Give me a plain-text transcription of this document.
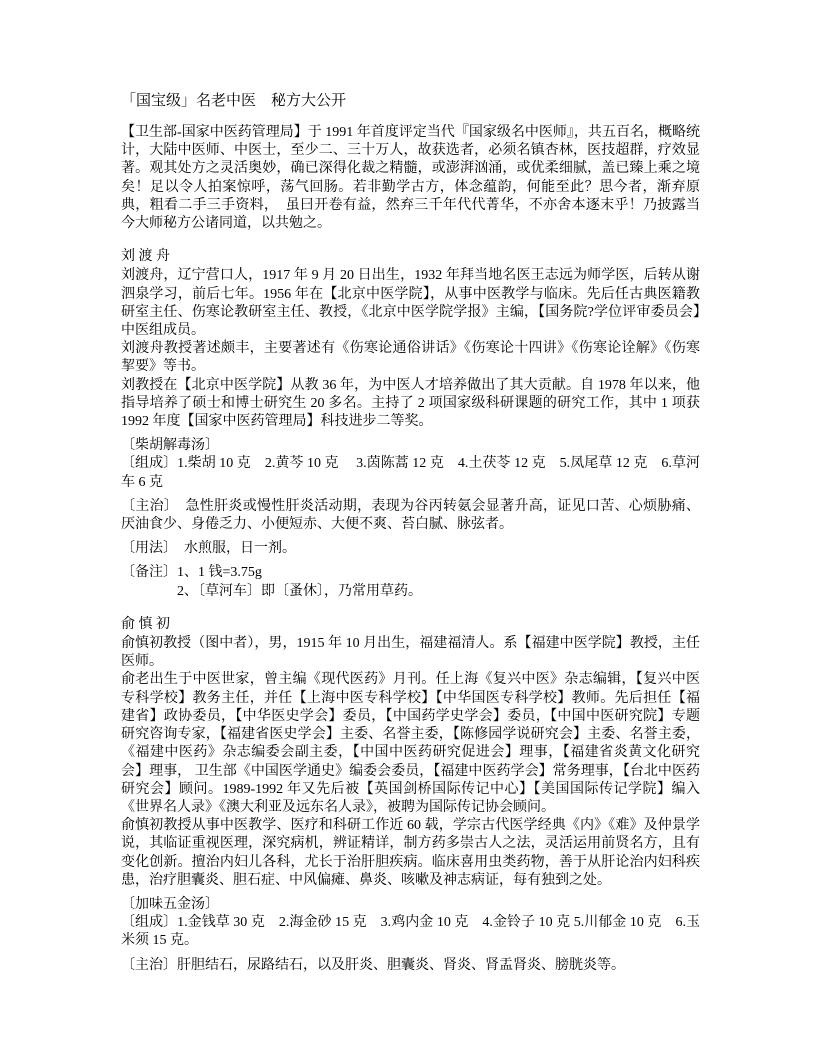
「国宝级」名老中医　秘方大公开

【卫生部-国家中医药管理局】于 1991 年首度评定当代『国家级名中医师』，共五百名，概略统计，大陆中医师、中医士，至少二、三十万人，故获选者，必须名镇杏林，医技超群，疗效显著。观其处方之灵活奥妙，确已深得化裁之精髓，或澎湃汹涌，或优柔细腻，盖已臻上乘之境矣！足以令人拍案惊呼，荡气回肠。若非勤学古方，体念蕴韵，何能至此？思今者，渐弃原典，粗看二手三手资料，　虽曰开卷有益，然弃三千年代代菁华，不亦舍本逐末乎！乃披露当今大师秘方公诸同道，以共勉之。

刘 渡 舟

刘渡舟，辽宁营口人，1917 年 9 月 20 日出生，1932 年拜当地名医王志远为师学医，后转从谢泗泉学习，前后七年。1956 年在【北京中医学院】，从事中医教学与临床。先后任古典医籍教研室主任、伤寒论教研室主任、教授，《北京中医学院学报》主编，【国务院?学位评审委员会】中医组成员。

刘渡舟教授著述颇丰，主要著述有《伤寒论通俗讲话》《伤寒论十四讲》《伤寒论诠解》《伤寒挈要》等书。

刘教授在【北京中医学院】从教 36 年，为中医人才培养做出了其大贡献。自 1978 年以来，他指导培养了硕士和博士研究生 20 多名。主持了 2 项国家级科研课题的研究工作，其中 1 项获1992 年度【国家中医药管理局】科技进步二等奖。

〔柴胡解毒汤〕

〔组成〕1.柴胡 10 克　2.黄芩 10 克　 3.茵陈蒿 12 克　4.土茯苓 12 克　5.凤尾草 12 克　6.草河车 6 克

〔主治〕　急性肝炎或慢性肝炎活动期，表现为谷丙转氨会显著升高，证见口苦、心烦胁痛、厌油食少、身倦乏力、小便短赤、大便不爽、苔白腻、脉弦者。

〔用法〕　水煎服，日一剂。

〔备注〕1、1 钱=3.75g

　　　　2、〔草河车〕即〔蚤休〕，乃常用草药。

俞 慎 初

俞慎初教授（图中者），男，1915 年 10 月出生，福建福清人。系【福建中医学院】教授，主任医师。

俞老出生于中医世家，曾主编《现代医药》月刊。任上海《复兴中医》杂志编辑，【复兴中医专科学校】教务主任，并任【上海中医专科学校】【中华国医专科学校】教师。先后担任【福建省】政协委员，【中华医史学会】委员，【中国药学史学会】委员，【中国中医研究院】专题研究咨询专家，【福建省医史学会】主委、名誉主委，【陈修园学说研究会】主委、名誉主委，《福建中医药》杂志编委会副主委，【中国中医药研究促进会】理事，【福建省炎黄文化研究会】理事， 卫生部《中国医学通史》编委会委员，【福建中医药学会】常务理事，【台北中医药研究会】顾问。1989-1992 年又先后被【英国剑桥国际传记中心】【美国国际传记学院】编入《世界名人录》《澳大利亚及远东名人录》，被聘为国际传记协会顾问。

俞慎初教授从事中医教学、医疗和科研工作近 60 载，学宗古代医学经典《内》《难》及仲景学说，其临证重视医理，深究病机，辨证精详，制方药多崇古人之法，灵活运用前贤名方，且有变化创新。擅治内妇儿各科，尤长于治肝胆疾病。临床喜用虫类药物，善于从肝论治内妇科疾患，治疗胆囊炎、胆石症、中风偏瘫、鼻炎、咳嗽及神志病证，每有独到之处。

〔加味五金汤〕

〔组成〕1.金钱草 30 克　2.海金砂 15 克　3.鸡内金 10 克　4.金铃子 10 克 5.川郁金 10 克　6.玉米须 15 克。

〔主治〕肝胆结石，尿路结石，以及肝炎、胆囊炎、肾炎、肾盂肾炎、膀胱炎等。
